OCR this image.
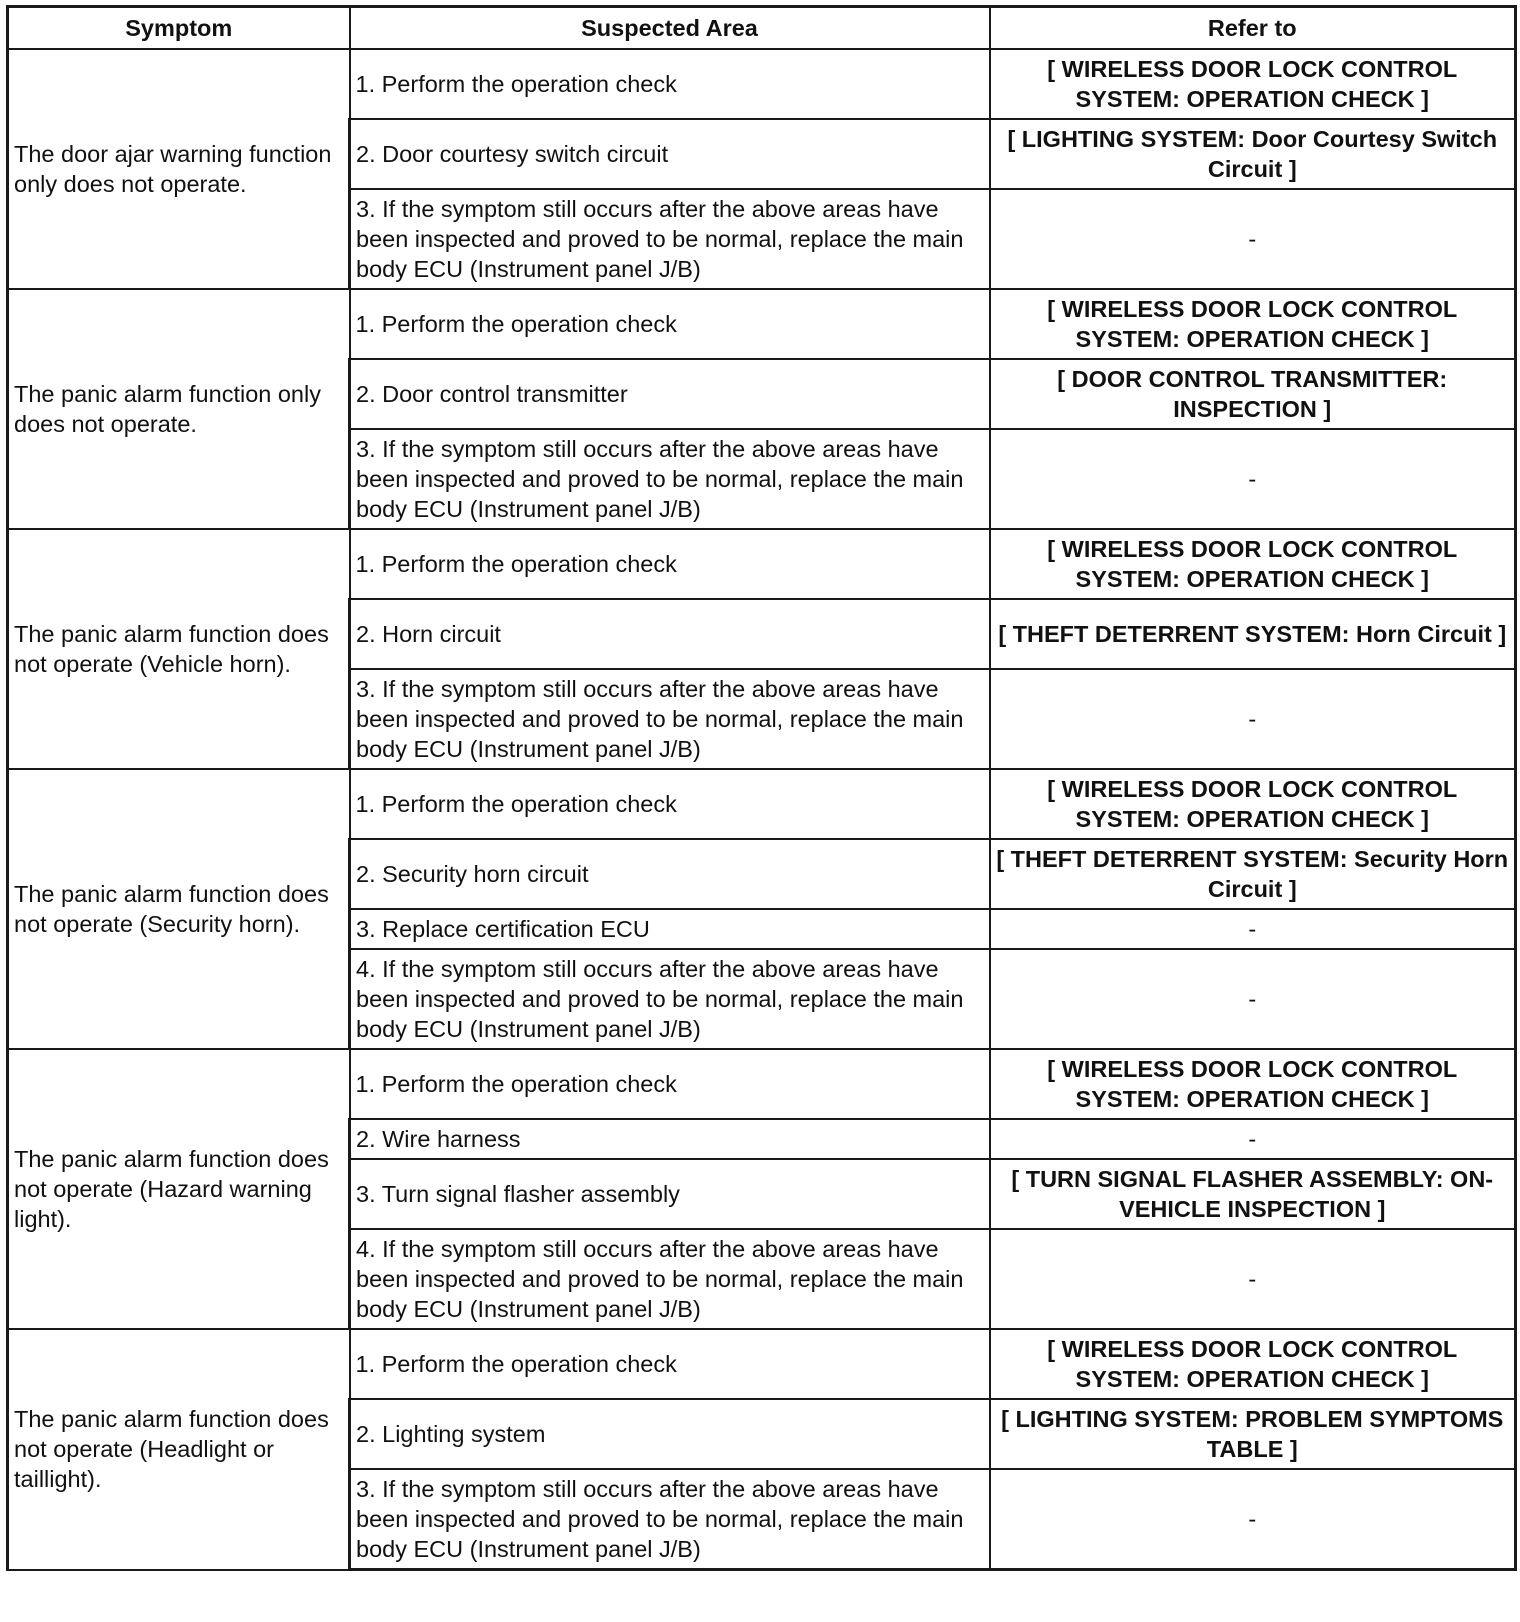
Symptom	Suspected Area	Refer to
The door ajar warning function only does not operate.	1. Perform the operation check	[ WIRELESS DOOR LOCK CONTROL SYSTEM: OPERATION CHECK ]
	2. Door courtesy switch circuit	[ LIGHTING SYSTEM: Door Courtesy Switch Circuit ]
	3. If the symptom still occurs after the above areas have been inspected and proved to be normal, replace the main body ECU (Instrument panel J/B)	-
The panic alarm function only does not operate.	1. Perform the operation check	[ WIRELESS DOOR LOCK CONTROL SYSTEM: OPERATION CHECK ]
	2. Door control transmitter	[ DOOR CONTROL TRANSMITTER: INSPECTION ]
	3. If the symptom still occurs after the above areas have been inspected and proved to be normal, replace the main body ECU (Instrument panel J/B)	-
The panic alarm function does not operate (Vehicle horn).	1. Perform the operation check	[ WIRELESS DOOR LOCK CONTROL SYSTEM: OPERATION CHECK ]
	2. Horn circuit	[ THEFT DETERRENT SYSTEM: Horn Circuit ]
	3. If the symptom still occurs after the above areas have been inspected and proved to be normal, replace the main body ECU (Instrument panel J/B)	-
The panic alarm function does not operate (Security horn).	1. Perform the operation check	[ WIRELESS DOOR LOCK CONTROL SYSTEM: OPERATION CHECK ]
	2. Security horn circuit	[ THEFT DETERRENT SYSTEM: Security Horn Circuit ]
	3. Replace certification ECU	-
	4. If the symptom still occurs after the above areas have been inspected and proved to be normal, replace the main body ECU (Instrument panel J/B)	-
The panic alarm function does not operate (Hazard warning light).	1. Perform the operation check	[ WIRELESS DOOR LOCK CONTROL SYSTEM: OPERATION CHECK ]
	2. Wire harness	-
	3. Turn signal flasher assembly	[ TURN SIGNAL FLASHER ASSEMBLY: ON-VEHICLE INSPECTION ]
	4. If the symptom still occurs after the above areas have been inspected and proved to be normal, replace the main body ECU (Instrument panel J/B)	-
The panic alarm function does not operate (Headlight or taillight).	1. Perform the operation check	[ WIRELESS DOOR LOCK CONTROL SYSTEM: OPERATION CHECK ]
	2. Lighting system	[ LIGHTING SYSTEM: PROBLEM SYMPTOMS TABLE ]
	3. If the symptom still occurs after the above areas have been inspected and proved to be normal, replace the main body ECU (Instrument panel J/B)	-
